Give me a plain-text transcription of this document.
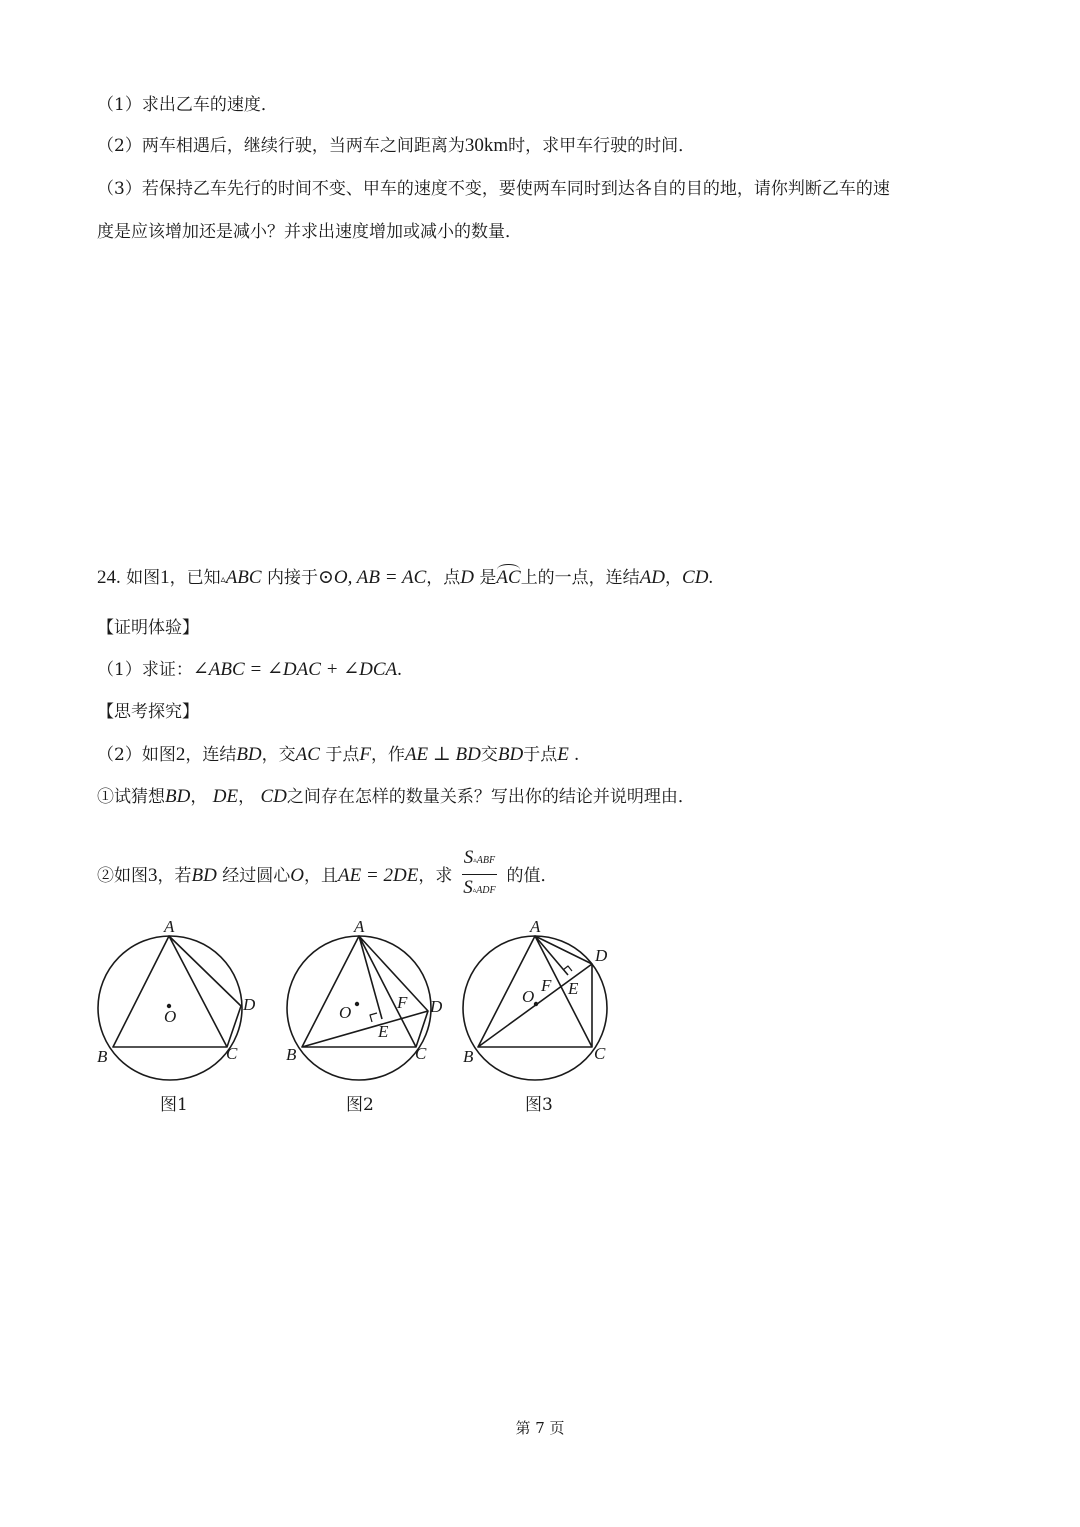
（1）求出乙车的速度．
（2）两车相遇后，继续行驶，当两车之间距离为30km时，求甲车行驶的时间．
（3）若保持乙车先行的时间不变、甲车的速度不变，要使两车同时到达各自的目的地，请你判断乙车的速
度是应该增加还是减小？并求出速度增加或减小的数量．
24. 如图1，已知▵ABC 内接于⊙O, AB = AC，点D 是AC上的一点，连结AD，CD.
【证明体验】
（1）求证：∠ABC = ∠DAC + ∠DCA.
【思考探究】
（2）如图2，连结BD，交AC 于点F，作AE ⊥ BD交BD于点E .
①试猜想BD， DE， CD之间存在怎样的数量关系？写出你的结论并说明理由．
②如图3，若BD 经过圆心O，且AE = 2DE，求 $\frac{\text{S▵ABF}}{\text{S▵ADF}}$ 的值．
A
B	C
D
O
A
B	C
D
O
F
E
A
B	C
D
O
F E
图1	图2	图3
第 7 页
